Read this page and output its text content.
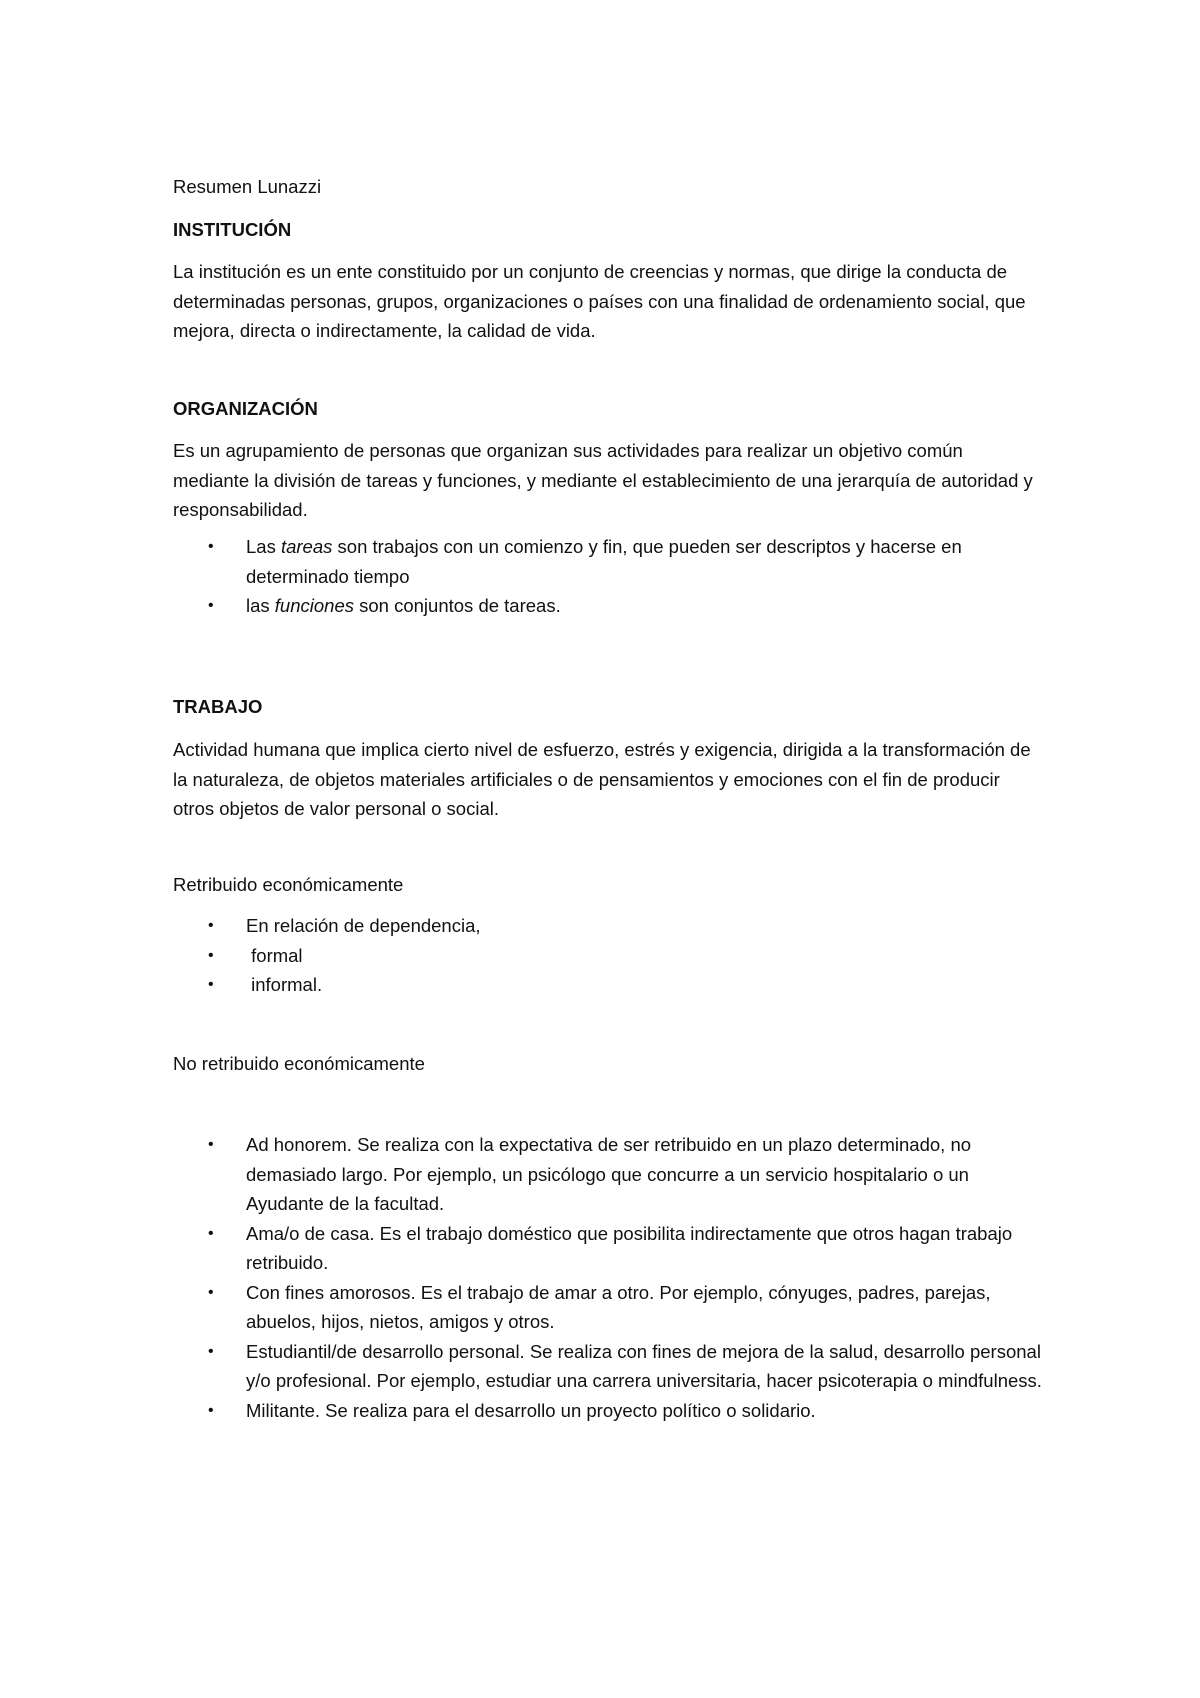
Resumen Lunazzi

INSTITUCIÓN

La institución es un ente constituido por un conjunto de creencias y normas, que dirige la conducta de determinadas personas, grupos, organizaciones o países con una finalidad de ordenamiento social, que mejora, directa o indirectamente, la calidad de vida.

ORGANIZACIÓN

Es un agrupamiento de personas que organizan sus actividades para realizar un objetivo común mediante la división de tareas y funciones, y mediante el establecimiento de una jerarquía de autoridad y responsabilidad.

• Las tareas son trabajos con un comienzo y fin, que pueden ser descriptos y hacerse en determinado tiempo
• las funciones son conjuntos de tareas.

TRABAJO

Actividad humana que implica cierto nivel de esfuerzo, estrés y exigencia, dirigida a la transformación de la naturaleza, de objetos materiales artificiales o de pensamientos y emociones con el fin de producir otros objetos de valor personal o social.

Retribuido económicamente

• En relación de dependencia,
• formal
• informal.

No retribuido económicamente

• Ad honorem. Se realiza con la expectativa de ser retribuido en un plazo determinado, no demasiado largo. Por ejemplo, un psicólogo que concurre a un servicio hospitalario o un Ayudante de la facultad.
• Ama/o de casa. Es el trabajo doméstico que posibilita indirectamente que otros hagan trabajo retribuido.
• Con fines amorosos. Es el trabajo de amar a otro. Por ejemplo, cónyuges, padres, parejas, abuelos, hijos, nietos, amigos y otros.
• Estudiantil/de desarrollo personal. Se realiza con fines de mejora de la salud, desarrollo personal y/o profesional. Por ejemplo, estudiar una carrera universitaria, hacer psicoterapia o mindfulness.
• Militante. Se realiza para el desarrollo un proyecto político o solidario.
